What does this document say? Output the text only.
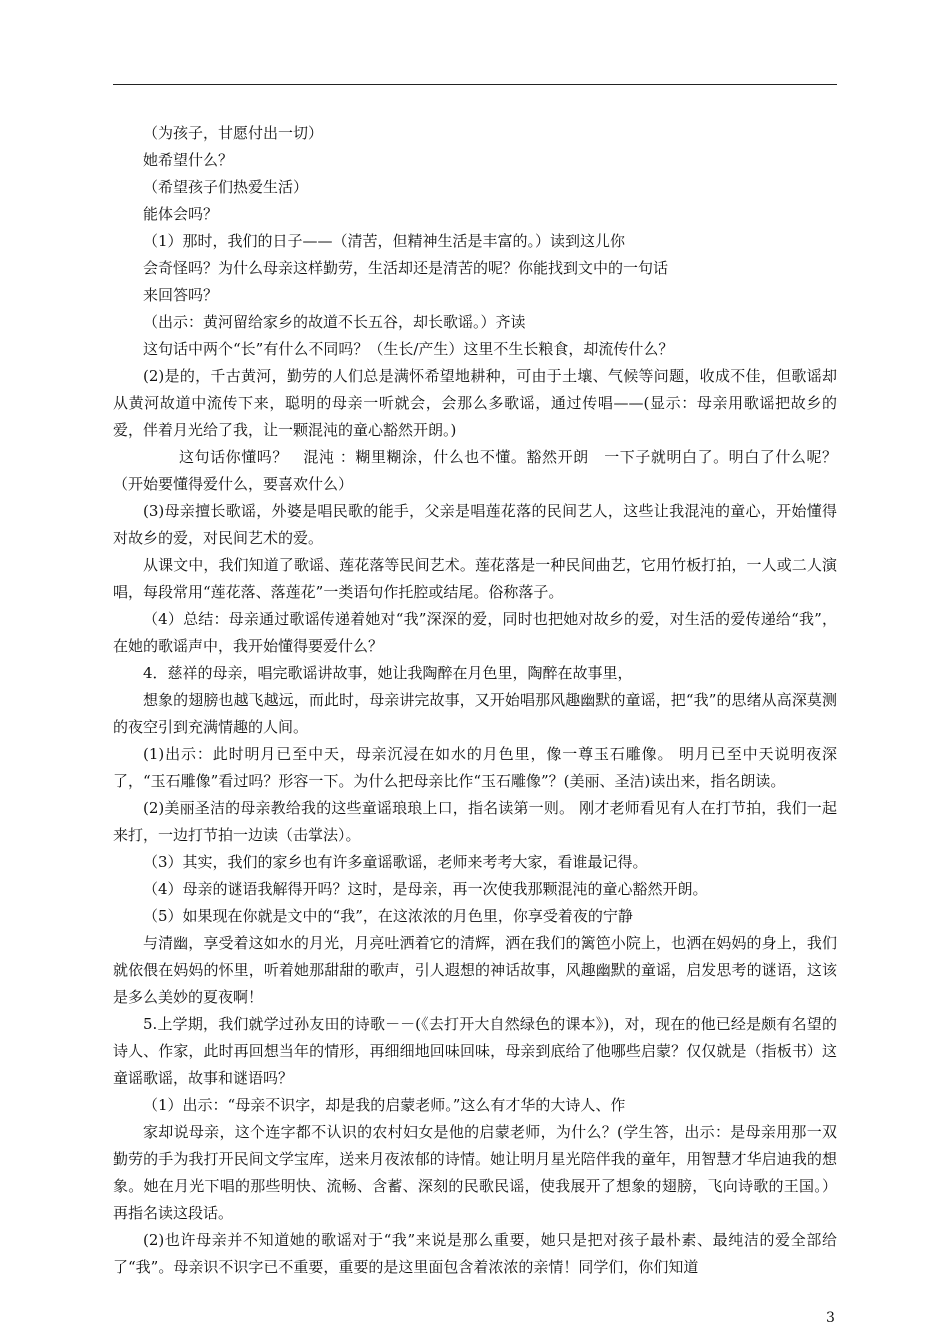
（为孩子，甘愿付出一切）

她希望什么？

（希望孩子们热爱生活）

能体会吗？

（1）那时，我们的日子——（清苦，但精神生活是丰富的。）读到这儿你

会奇怪吗？为什么母亲这样勤劳，生活却还是清苦的呢？你能找到文中的一句话

来回答吗？

（出示：黄河留给家乡的故道不长五谷，却长歌谣。）齐读

这句话中两个“长”有什么不同吗？（生长/产生）这里不生长粮食，却流传什么？

(2)是的，千古黄河，勤劳的人们总是满怀希望地耕种，可由于土壤、气候等问题，收成不佳，但歌谣却从黄河故道中流传下来，聪明的母亲一听就会，会那么多歌谣，通过传唱——(显示：母亲用歌谣把故乡的爱，伴着月光给了我，让一颗混沌的童心豁然开朗。)

这句话你懂吗？　混沌 ：糊里糊涂，什么也不懂。豁然开朗　一下子就明白了。明白了什么呢？（开始要懂得爱什么，要喜欢什么）

(3)母亲擅长歌谣，外婆是唱民歌的能手，父亲是唱莲花落的民间艺人，这些让我混沌的童心，开始懂得对故乡的爱，对民间艺术的爱。

从课文中，我们知道了歌谣、莲花落等民间艺术。莲花落是一种民间曲艺，它用竹板打拍，一人或二人演唱，每段常用“莲花落、落莲花”一类语句作托腔或结尾。俗称落子。

（4）总结：母亲通过歌谣传递着她对“我”深深的爱，同时也把她对故乡的爱，对生活的爱传递给“我”，在她的歌谣声中，我开始懂得要爱什么？

4．慈祥的母亲，唱完歌谣讲故事，她让我陶醉在月色里，陶醉在故事里，

想象的翅膀也越飞越远，而此时，母亲讲完故事，又开始唱那风趣幽默的童谣，把“我”的思绪从高深莫测的夜空引到充满情趣的人间。

(1)出示：此时明月已至中天，母亲沉浸在如水的月色里，像一尊玉石雕像。 明月已至中天说明夜深了，“玉石雕像”看过吗？形容一下。为什么把母亲比作“玉石雕像”？(美丽、圣洁)读出来，指名朗读。

(2)美丽圣洁的母亲教给我的这些童谣琅琅上口，指名读第一则。 刚才老师看见有人在打节拍，我们一起来打，一边打节拍一边读（击掌法）。

（3）其实，我们的家乡也有许多童谣歌谣，老师来考考大家，看谁最记得。

（4）母亲的谜语我解得开吗？这时，是母亲，再一次使我那颗混沌的童心豁然开朗。

（5）如果现在你就是文中的“我”，在这浓浓的月色里，你享受着夜的宁静

与清幽，享受着这如水的月光，月亮吐洒着它的清辉，洒在我们的篱笆小院上，也洒在妈妈的身上，我们就依偎在妈妈的怀里，听着她那甜甜的歌声，引人遐想的神话故事，风趣幽默的童谣，启发思考的谜语，这该是多么美妙的夏夜啊！

5.上学期，我们就学过孙友田的诗歌－－(《去打开大自然绿色的课本》)，对，现在的他已经是颇有名望的诗人、作家，此时再回想当年的情形，再细细地回味回味，母亲到底给了他哪些启蒙？仅仅就是（指板书）这童谣歌谣，故事和谜语吗？

（1）出示：“母亲不识字，却是我的启蒙老师。”这么有才华的大诗人、作

家却说母亲，这个连字都不认识的农村妇女是他的启蒙老师，为什么？(学生答，出示：是母亲用那一双勤劳的手为我打开民间文学宝库，送来月夜浓郁的诗情。她让明月星光陪伴我的童年，用智慧才华启迪我的想象。她在月光下唱的那些明快、流畅、含蓄、深刻的民歌民谣，使我展开了想象的翅膀，飞向诗歌的王国。）再指名读这段话。

(2)也许母亲并不知道她的歌谣对于“我”来说是那么重要，她只是把对孩子最朴素、最纯洁的爱全部给了“我”。母亲识不识字已不重要，重要的是这里面包含着浓浓的亲情！同学们，你们知道

3
